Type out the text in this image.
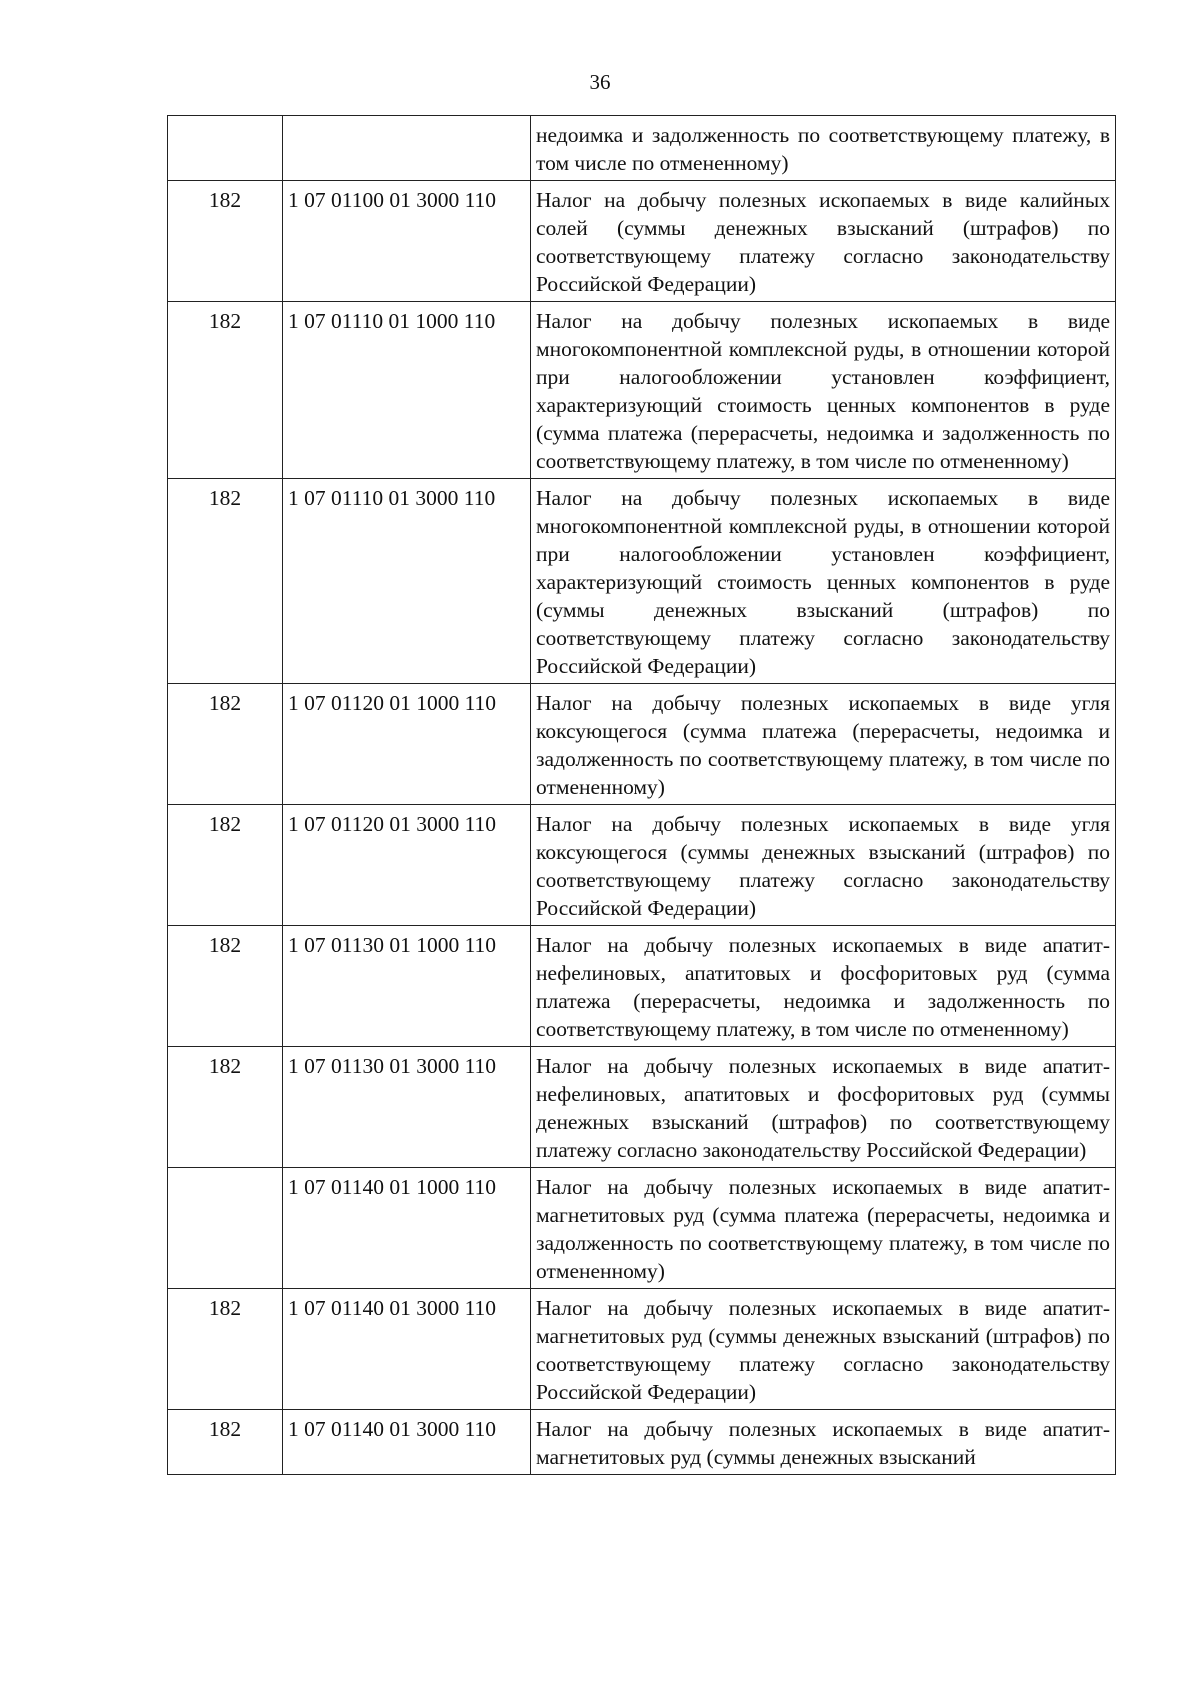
36
		недоимка и задолженность по соответствующему платежу, в том числе по отмененному)
182	1 07 01100 01 3000 110	Налог на добычу полезных ископаемых в виде калийных солей (суммы денежных взысканий (штрафов) по соответствующему платежу согласно законодательству Российской Федерации)
182	1 07 01110 01 1000 110	Налог на добычу полезных ископаемых в виде многокомпонентной комплексной руды, в отношении которой при налогообложении установлен коэффициент, характеризующий стоимость ценных компонентов в руде (сумма платежа (перерасчеты, недоимка и задолженность по соответствующему платежу, в том числе по отмененному)
182	1 07 01110 01 3000 110	Налог на добычу полезных ископаемых в виде многокомпонентной комплексной руды, в отношении которой при налогообложении установлен коэффициент, характеризующий стоимость ценных компонентов в руде (суммы денежных взысканий (штрафов) по соответствующему платежу согласно законодательству Российской Федерации)
182	1 07 01120 01 1000 110	Налог на добычу полезных ископаемых в виде угля коксующегося (сумма платежа (перерасчеты, недоимка и задолженность по соответствующему платежу, в том числе по отмененному)
182	1 07 01120 01 3000 110	Налог на добычу полезных ископаемых в виде угля коксующегося (суммы денежных взысканий (штрафов) по соответствующему платежу согласно законодательству Российской Федерации)
182	1 07 01130 01 1000 110	Налог на добычу полезных ископаемых в виде апатит-нефелиновых, апатитовых и фосфоритовых руд (сумма платежа (перерасчеты, недоимка и задолженность по соответствующему платежу, в том числе по отмененному)
182	1 07 01130 01 3000 110	Налог на добычу полезных ископаемых в виде апатит-нефелиновых, апатитовых и фосфоритовых руд (суммы денежных взысканий (штрафов) по соответствующему платежу согласно законодательству Российской Федерации)
	1 07 01140 01 1000 110	Налог на добычу полезных ископаемых в виде апатит-магнетитовых руд (сумма платежа (перерасчеты, недоимка и задолженность по соответствующему платежу, в том числе по отмененному)
182	1 07 01140 01 3000 110	Налог на добычу полезных ископаемых в виде апатит-магнетитовых руд (суммы денежных взысканий (штрафов) по соответствующему платежу согласно законодательству Российской Федерации)
182	1 07 01140 01 3000 110	Налог на добычу полезных ископаемых в виде апатит-магнетитовых руд (суммы денежных взысканий
